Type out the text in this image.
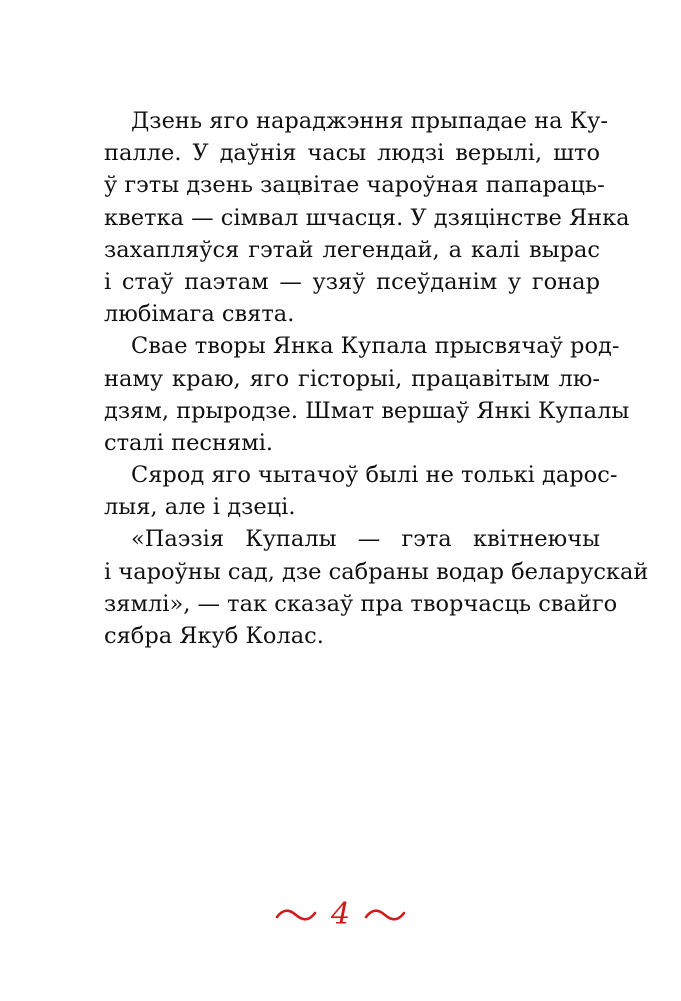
Дзень яго нараджэння прыпадае на Ку-
палле. У даўнія часы людзі верылі, што
ў гэты дзень зацвітае чароўная папараць-
кветка — сімвал шчасця. У дзяцінстве Янка
захапляўся гэтай легендай, а калі вырас
і стаў паэтам — узяў псеўданім у гонар
любімага свята.
Свае творы Янка Купала прысвячаў род-
наму краю, яго гісторыі, працавітым лю-
дзям, прыродзе. Шмат вершаў Янкі Купалы
сталі песнямі.
Сярод яго чытачоў былі не толькі дарос-
лыя, але і дзеці.
«Паэзія Купалы — гэта квітнеючы
і чароўны сад, дзе сабраны водар беларускай
зямлі», — так сказаў пра творчасць свайго
сябра Якуб Колас.
4
